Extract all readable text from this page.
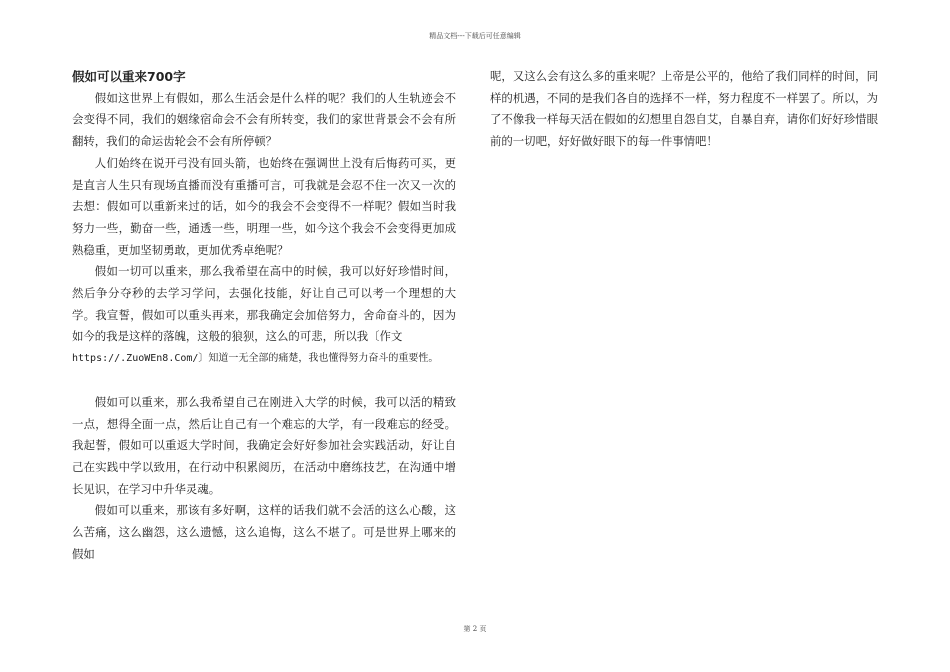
精品文档---下载后可任意编辑
假如可以重来700字

假如这世界上有假如，那么生活会是什么样的呢？我们的人生轨迹会不会变得不同，我们的姻缘宿命会不会有所转变，我们的家世背景会不会有所翻转，我们的命运齿轮会不会有所停顿？

人们始终在说开弓没有回头箭，也始终在强调世上没有后悔药可买，更是直言人生只有现场直播而没有重播可言，可我就是会忍不住一次又一次的去想：假如可以重新来过的话，如今的我会不会变得不一样呢？假如当时我努力一些，勤奋一些，通透一些，明理一些，如今这个我会不会变得更加成熟稳重，更加坚韧勇敢，更加优秀卓绝呢？

假如一切可以重来，那么我希望在高中的时候，我可以好好珍惜时间，然后争分夺秒的去学习学问，去强化技能，好让自己可以考一个理想的大学。我宣誓，假如可以重头再来，那我确定会加倍努力，舍命奋斗的，因为如今的我是这样的落魄，这般的狼狈，这么的可悲，所以我〔作文

https://.ZuoWEn8.Com/〕知道一无全部的痛楚，我也懂得努力奋斗的重要性。

假如可以重来，那么我希望自己在刚进入大学的时候，我可以活的精致一点，想得全面一点，然后让自己有一个难忘的大学，有一段难忘的经受。我起誓，假如可以重返大学时间，我确定会好好参加社会实践活动，好让自己在实践中学以致用，在行动中积累阅历，在活动中磨练技艺，在沟通中增长见识，在学习中升华灵魂。

假如可以重来，那该有多好啊，这样的话我们就不会活的这么心酸，这么苦痛，这么幽怨，这么遗憾，这么追悔，这么不堪了。可是世界上哪来的假如

呢，又这么会有这么多的重来呢？上帝是公平的，他给了我们同样的时间，同样的机遇，不同的是我们各自的选择不一样，努力程度不一样罢了。所以，为了不像我一样每天活在假如的幻想里自怨自艾，自暴自弃，请你们好好珍惜眼前的一切吧，好好做好眼下的每一件事情吧！

第 2 页
